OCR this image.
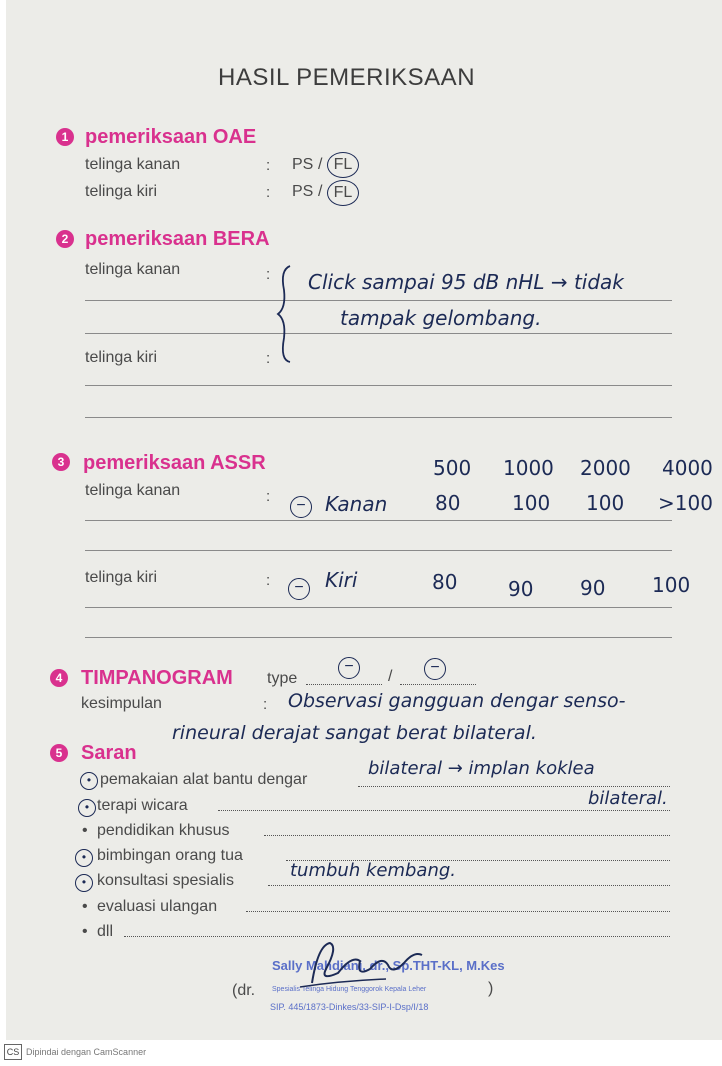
HASIL PEMERIKSAAN
1 pemeriksaan OAE
telinga kanan	: PS / FL
telinga kiri	: PS / FL
2 pemeriksaan BERA
telinga kanan	:
telinga kiri	:
Click sampai 95 dB nHL → tidak
tampak gelombang.
3 pemeriksaan ASSR	500 1000 2000 4000
telinga kanan	:
− Kanan 80	100 100 >100
telinga kiri	:	−	Kiri	80	90 90 100
4 TIMPANOGRAM type	/
−	−
kesimpulan	: Observasi gangguan dengar senso-
rineural derajat sangat berat bilateral.
5 Saran
• pemakaian alat bantu dengar
bilateral → implan koklea
• terapi wicara	bilateral.
• pendidikan khusus
• bimbingan orang tua
• konsultasi spesialis	tumbuh kembang.
• evaluasi ulangan
• dll
Sally Mahdiani, dr., Sp.THT-KL, M.Kes
Spesialis Telinga Hidung Tenggorok Kepala Leher
SIP. 445/1873-Dinkes/33-SIP-I-Dsp/I/18
(dr.	)
CS Dipindai dengan CamScanner
